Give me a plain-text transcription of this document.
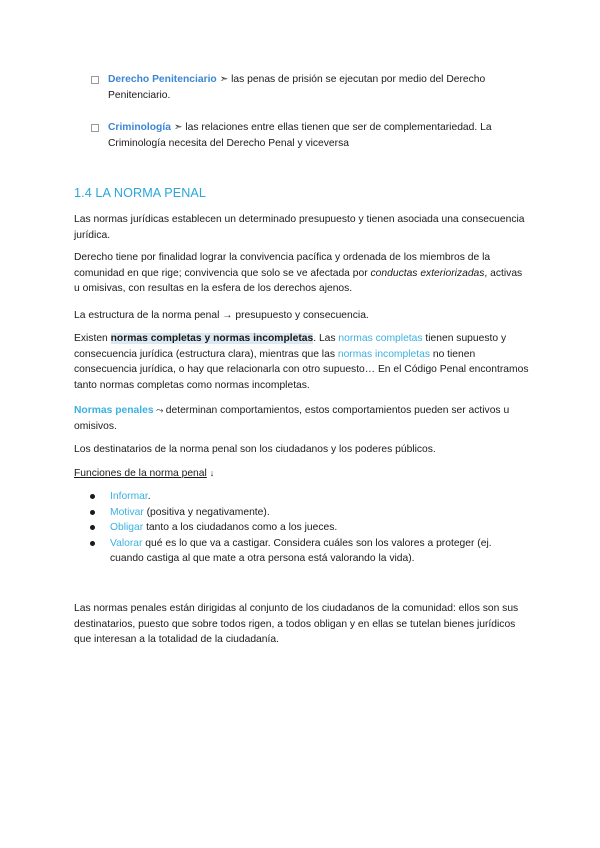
Derecho Penitenciario ➣ las penas de prisión se ejecutan por medio del Derecho Penitenciario.
Criminología ➣ las relaciones entre ellas tienen que ser de complementariedad. La Criminología necesita del Derecho Penal y viceversa
1.4 LA NORMA PENAL
Las normas jurídicas establecen un determinado presupuesto y tienen asociada una consecuencia jurídica.
Derecho tiene por finalidad lograr la convivencia pacífica y ordenada de los miembros de la comunidad en que rige; convivencia que solo se ve afectada por conductas exteriorizadas, activas u omisivas, con resultas en la esfera de los derechos ajenos.
La estructura de la norma penal → presupuesto y consecuencia.
Existen normas completas y normas incompletas. Las normas completas tienen supuesto y consecuencia jurídica (estructura clara), mientras que las normas incompletas no tienen consecuencia jurídica, o hay que relacionarla con otro supuesto… En el Código Penal encontramos tanto normas completas como normas incompletas.
Normas penales ⤳ determinan comportamientos, estos comportamientos pueden ser activos u omisivos.
Los destinatarios de la norma penal son los ciudadanos y los poderes públicos.
Funciones de la norma penal ↓
Informar.
Motivar (positiva y negativamente).
Obligar tanto a los ciudadanos como a los jueces.
Valorar qué es lo que va a castigar. Considera cuáles son los valores a proteger (ej. cuando castiga al que mate a otra persona está valorando la vida).
Las normas penales están dirigidas al conjunto de los ciudadanos de la comunidad: ellos son sus destinatarios, puesto que sobre todos rigen, a todos obligan y en ellas se tutelan bienes jurídicos que interesan a la totalidad de la ciudadanía.
